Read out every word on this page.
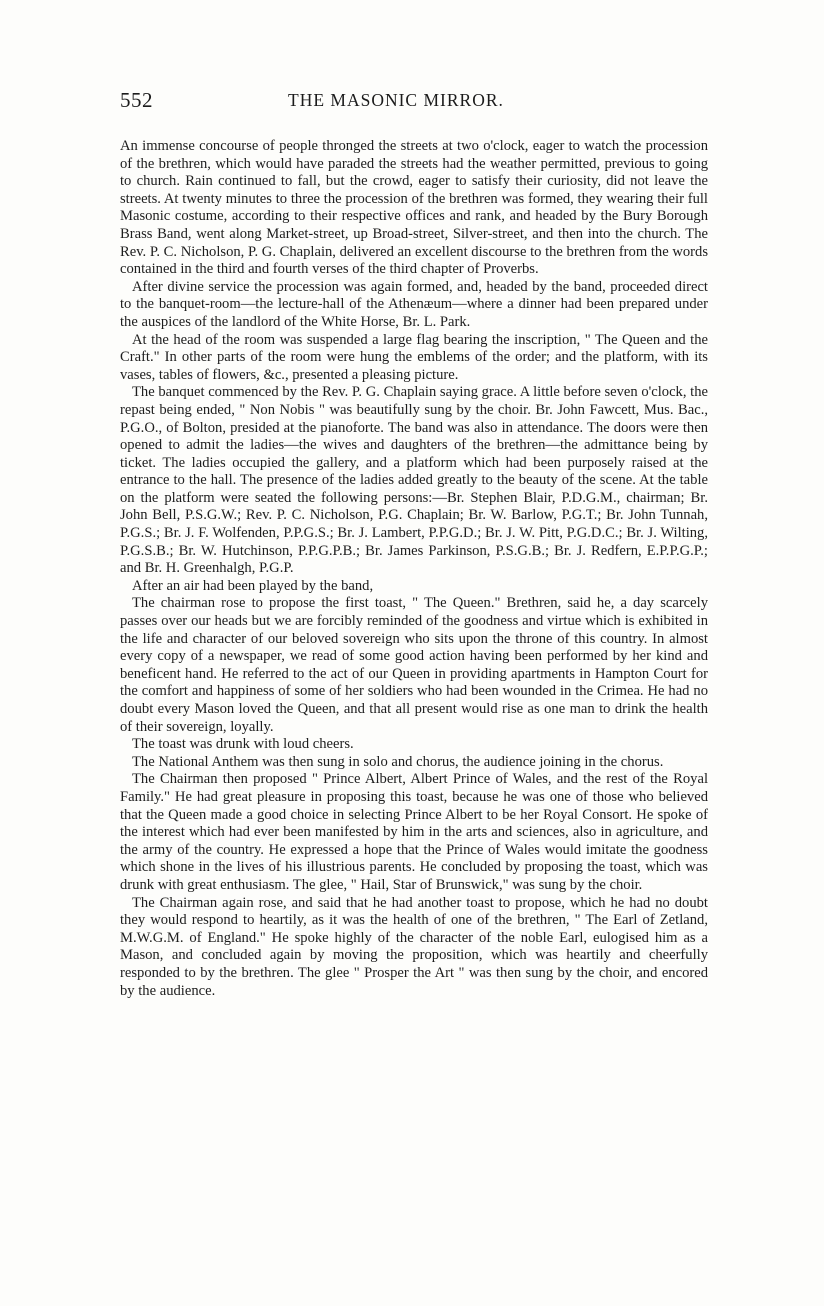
552	THE MASONIC MIRROR.

An immense concourse of people thronged the streets at two o'clock, eager to watch the procession of the brethren, which would have paraded the streets had the weather permitted, previous to going to church. Rain continued to fall, but the crowd, eager to satisfy their curiosity, did not leave the streets. At twenty minutes to three the procession of the brethren was formed, they wearing their full Masonic costume, according to their respective offices and rank, and headed by the Bury Borough Brass Band, went along Market-street, up Broad-street, Silver-street, and then into the church. The Rev. P. C. Nicholson, P. G. Chaplain, delivered an excellent discourse to the brethren from the words contained in the third and fourth verses of the third chapter of Proverbs.

After divine service the procession was again formed, and, headed by the band, proceeded direct to the banquet-room—the lecture-hall of the Athenæum—where a dinner had been prepared under the auspices of the landlord of the White Horse, Br. L. Park.

At the head of the room was suspended a large flag bearing the inscription, " The Queen and the Craft." In other parts of the room were hung the emblems of the order; and the platform, with its vases, tables of flowers, &c., presented a pleasing picture.

The banquet commenced by the Rev. P. G. Chaplain saying grace. A little before seven o'clock, the repast being ended, " Non Nobis " was beautifully sung by the choir. Br. John Fawcett, Mus. Bac., P.G.O., of Bolton, presided at the pianoforte. The band was also in attendance. The doors were then opened to admit the ladies—the wives and daughters of the brethren—the admittance being by ticket. The ladies occupied the gallery, and a platform which had been purposely raised at the entrance to the hall. The presence of the ladies added greatly to the beauty of the scene. At the table on the platform were seated the following persons:—Br. Stephen Blair, P.D.G.M., chairman; Br. John Bell, P.S.G.W.; Rev. P. C. Nicholson, P.G. Chaplain; Br. W. Barlow, P.G.T.; Br. John Tunnah, P.G.S.; Br. J. F. Wolfenden, P.P.G.S.; Br. J. Lambert, P.P.G.D.; Br. J. W. Pitt, P.G.D.C.; Br. J. Wilting, P.G.S.B.; Br. W. Hutchinson, P.P.G.P.B.; Br. James Parkinson, P.S.G.B.; Br. J. Redfern, E.P.P.G.P.; and Br. H. Greenhalgh, P.G.P.

After an air had been played by the band,

The chairman rose to propose the first toast, " The Queen." Brethren, said he, a day scarcely passes over our heads but we are forcibly reminded of the goodness and virtue which is exhibited in the life and character of our beloved sovereign who sits upon the throne of this country. In almost every copy of a newspaper, we read of some good action having been performed by her kind and beneficent hand. He referred to the act of our Queen in providing apartments in Hampton Court for the comfort and happiness of some of her soldiers who had been wounded in the Crimea. He had no doubt every Mason loved the Queen, and that all present would rise as one man to drink the health of their sovereign, loyally.

The toast was drunk with loud cheers.

The National Anthem was then sung in solo and chorus, the audience joining in the chorus.

The Chairman then proposed " Prince Albert, Albert Prince of Wales, and the rest of the Royal Family." He had great pleasure in proposing this toast, because he was one of those who believed that the Queen made a good choice in selecting Prince Albert to be her Royal Consort. He spoke of the interest which had ever been manifested by him in the arts and sciences, also in agriculture, and the army of the country. He expressed a hope that the Prince of Wales would imitate the goodness which shone in the lives of his illustrious parents. He concluded by proposing the toast, which was drunk with great enthusiasm. The glee, " Hail, Star of Brunswick," was sung by the choir.

The Chairman again rose, and said that he had another toast to propose, which he had no doubt they would respond to heartily, as it was the health of one of the brethren, " The Earl of Zetland, M.W.G.M. of England." He spoke highly of the character of the noble Earl, eulogised him as a Mason, and concluded again by moving the proposition, which was heartily and cheerfully responded to by the brethren. The glee " Prosper the Art " was then sung by the choir, and encored by the audience.
